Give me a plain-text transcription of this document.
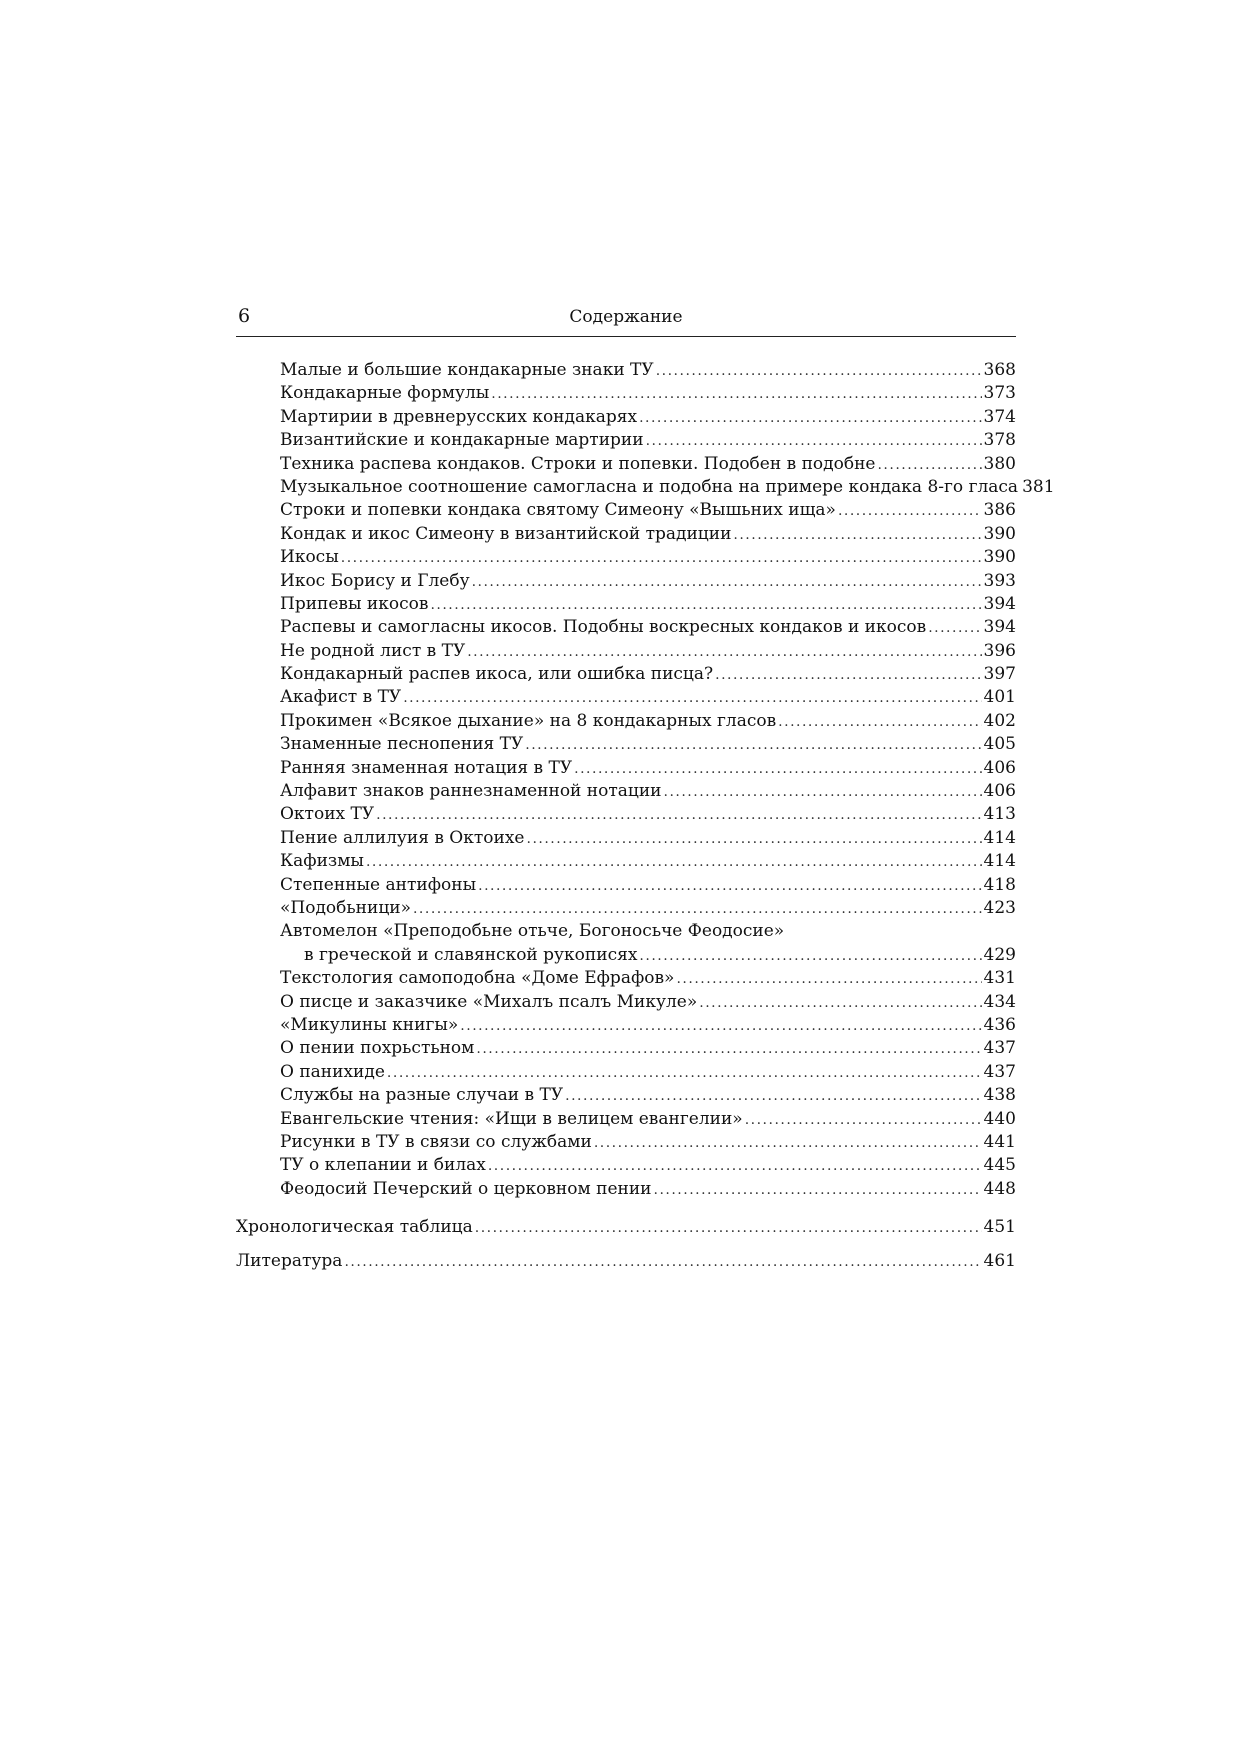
6	Содержание
Малые и большие кондакарные знаки ТУ .....	368
Кондакарные формулы .....	373
Мартирии в древнерусских кондакарях .....	374
Византийские и кондакарные мартирии .....	378
Техника распева кондаков. Строки и попевки. Подобен в подобне .....	380
Музыкальное соотношение самогласна и подобна на примере кондака 8-го гласа 381
Строки и попевки кондака святому Симеону «Вышьних ища» .....	386
Кондак и икос Симеону в византийской традиции .....	390
Икосы .....	390
Икос Борису и Глебу .....	393
Припевы икосов .....	394
Распевы и самогласны икосов. Подобны воскресных кондаков и икосов .....	394
Не родной лист в ТУ .....	396
Кондакарный распев икоса, или ошибка писца? .....	397
Акафист в ТУ .....	401
Прокимен «Всякое дыхание» на 8 кондакарных гласов .....	402
Знаменные песнопения ТУ .....	405
Ранняя знаменная нотация в ТУ .....	406
Алфавит знаков раннезнаменной нотации .....	406
Октоих ТУ .....	413
Пение аллилуия в Октоихе .....	414
Кафизмы .....	414
Степенные антифоны .....	418
«Подобьници» .....	423
Автомелон «Преподобьне отьче, Богоносьче Феодосие»
в греческой и славянской рукописях .....	429
Текстология самоподобна «Доме Ефрафов» .....	431
О писце и заказчике «Михалъ псалъ Микуле» .....	434
«Микулины книгы» .....	436
О пении похрьстьном .....	437
О панихиде .....	437
Службы на разные случаи в ТУ .....	438
Евангельские чтения: «Ищи в велицем евангелии» .....	440
Рисунки в ТУ в связи со службами .....	441
ТУ о клепании и билах .....	445
Феодосий Печерский о церковном пении .....	448
Хронологическая таблица .....	451
Литература .....	461
